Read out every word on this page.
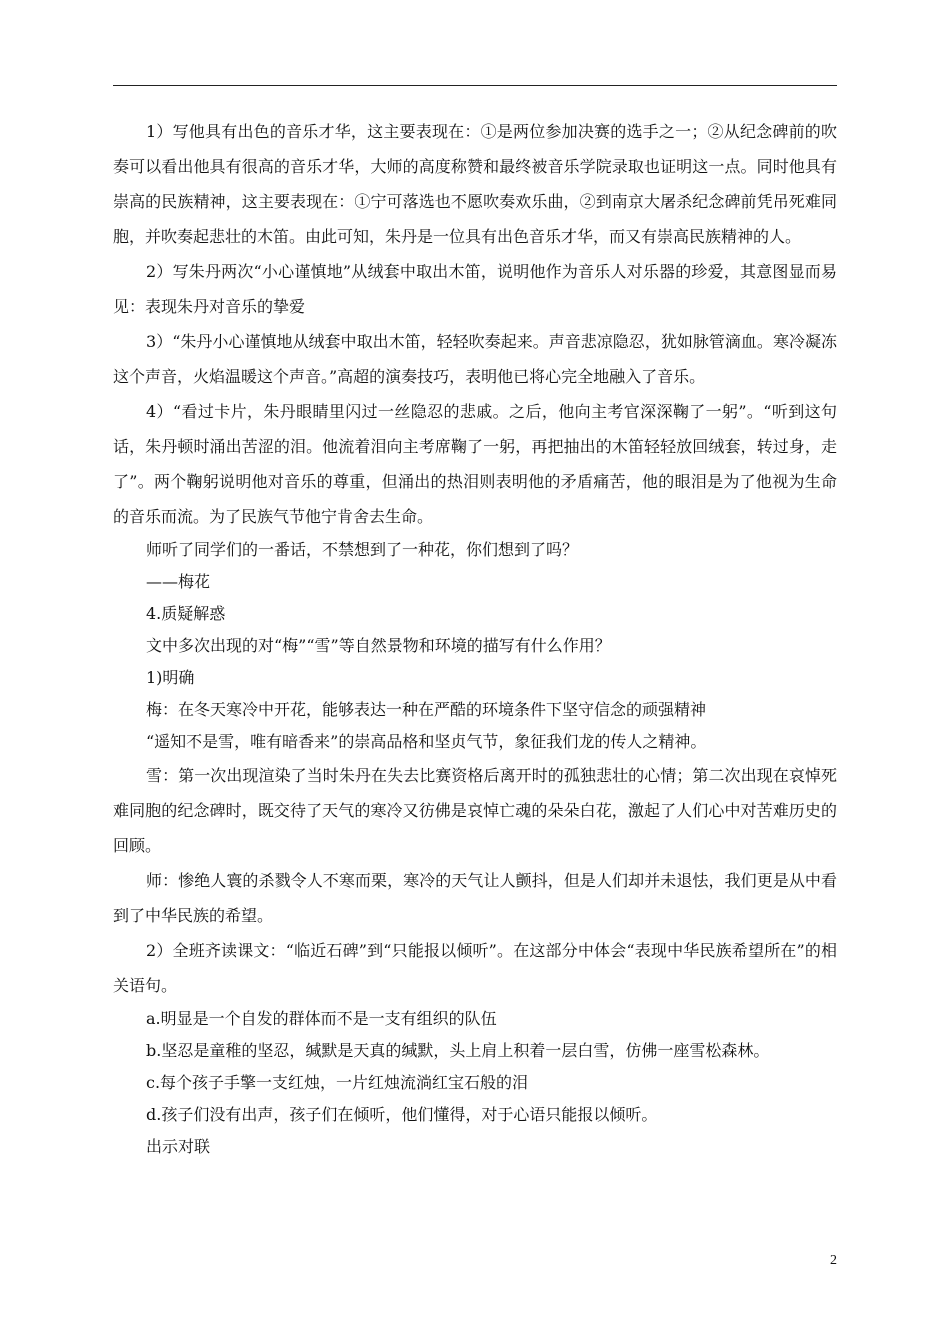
1）写他具有出色的音乐才华，这主要表现在：①是两位参加决赛的选手之一；②从纪念碑前的吹奏可以看出他具有很高的音乐才华，大师的高度称赞和最终被音乐学院录取也证明这一点。同时他具有崇高的民族精神，这主要表现在：①宁可落选也不愿吹奏欢乐曲，②到南京大屠杀纪念碑前凭吊死难同胞，并吹奏起悲壮的木笛。由此可知，朱丹是一位具有出色音乐才华，而又有崇高民族精神的人。

2）写朱丹两次“小心谨慎地”从绒套中取出木笛，说明他作为音乐人对乐器的珍爱，其意图显而易见：表现朱丹对音乐的挚爱

3）“朱丹小心谨慎地从绒套中取出木笛，轻轻吹奏起来。声音悲凉隐忍，犹如脉管滴血。寒冷凝冻这个声音，火焰温暖这个声音。”高超的演奏技巧，表明他已将心完全地融入了音乐。

4）“看过卡片，朱丹眼睛里闪过一丝隐忍的悲戚。之后，他向主考官深深鞠了一躬”。“听到这句话，朱丹顿时涌出苦涩的泪。他流着泪向主考席鞠了一躬，再把抽出的木笛轻轻放回绒套，转过身，走了”。两个鞠躬说明他对音乐的尊重，但涌出的热泪则表明他的矛盾痛苦，他的眼泪是为了他视为生命的音乐而流。为了民族气节他宁肯舍去生命。

师听了同学们的一番话，不禁想到了一种花，你们想到了吗？

——梅花

4.质疑解惑

文中多次出现的对“梅”“雪”等自然景物和环境的描写有什么作用？

1)明确

梅：在冬天寒冷中开花，能够表达一种在严酷的环境条件下坚守信念的顽强精神

“遥知不是雪，唯有暗香来”的崇高品格和坚贞气节，象征我们龙的传人之精神。

雪：第一次出现渲染了当时朱丹在失去比赛资格后离开时的孤独悲壮的心情；第二次出现在哀悼死难同胞的纪念碑时，既交待了天气的寒冷又彷佛是哀悼亡魂的朵朵白花，激起了人们心中对苦难历史的回顾。

师：惨绝人寰的杀戮令人不寒而栗，寒冷的天气让人颤抖，但是人们却并未退怯，我们更是从中看到了中华民族的希望。

2）全班齐读课文：“临近石碑”到“只能报以倾听”。在这部分中体会“表现中华民族希望所在”的相关语句。

a.明显是一个自发的群体而不是一支有组织的队伍

b.坚忍是童稚的坚忍，缄默是天真的缄默，头上肩上积着一层白雪，仿佛一座雪松森林。

c.每个孩子手擎一支红烛，一片红烛流淌红宝石般的泪

d.孩子们没有出声，孩子们在倾听，他们懂得，对于心语只能报以倾听。

出示对联

2
